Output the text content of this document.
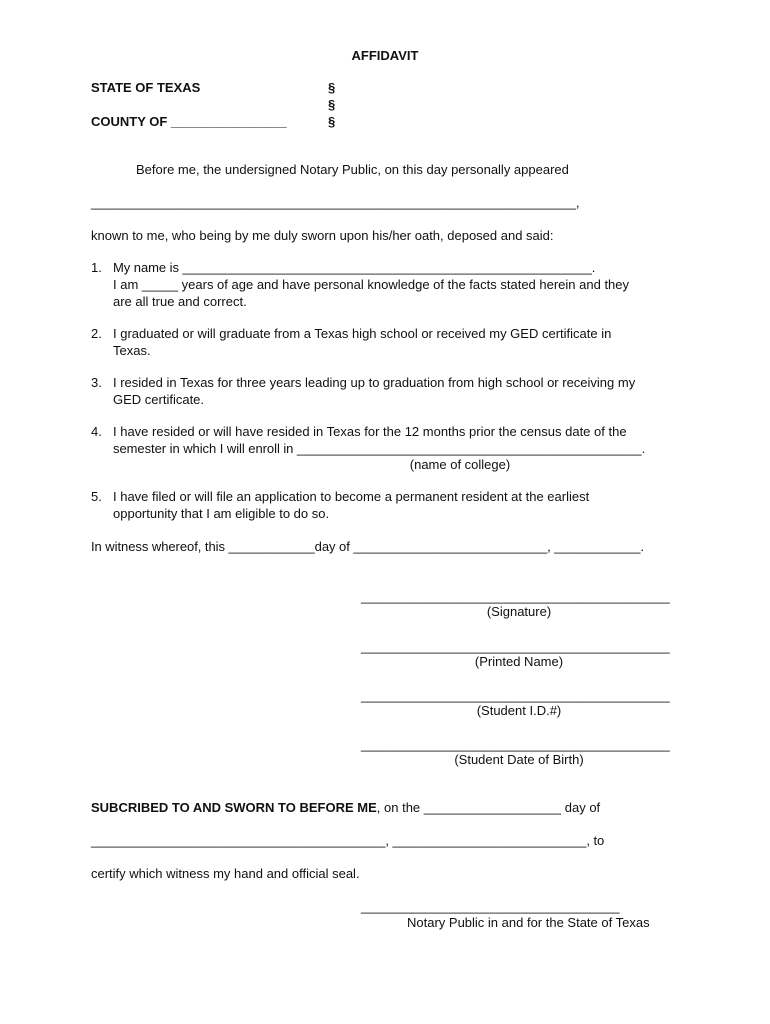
AFFIDAVIT
STATE OF TEXAS
COUNTY OF ________________
§
§
§
Before me, the undersigned Notary Public, on this day personally appeared
____________________________________________________________________,
known to me, who being by me duly sworn upon his/her oath, deposed and said:
1. My name is _________________________________________________________.
I am _____ years of age and have personal knowledge of the facts stated herein and they
are all true and correct.
2. I graduated or will graduate from a Texas high school or received my GED certificate in
Texas.
3. I resided in Texas for three years leading up to graduation from high school or receiving my
GED certificate.
4. I have resided or will have resided in Texas for the 12 months prior the census date of the
semester in which I will enroll in ________________________________________________.
(name of college)
5. I have filed or will file an application to become a permanent resident at the earliest
opportunity that I am eligible to do so.
In witness whereof, this ____________day of ___________________________, ____________.
___________________________________________
(Signature)
___________________________________________
(Printed Name)
___________________________________________
(Student I.D.#)
___________________________________________
(Student Date of Birth)
SUBCRIBED TO AND SWORN TO BEFORE ME, on the ___________________ day of
_________________________________________, ___________________________, to
certify which witness my hand and official seal.
____________________________________
Notary Public in and for the State of Texas
